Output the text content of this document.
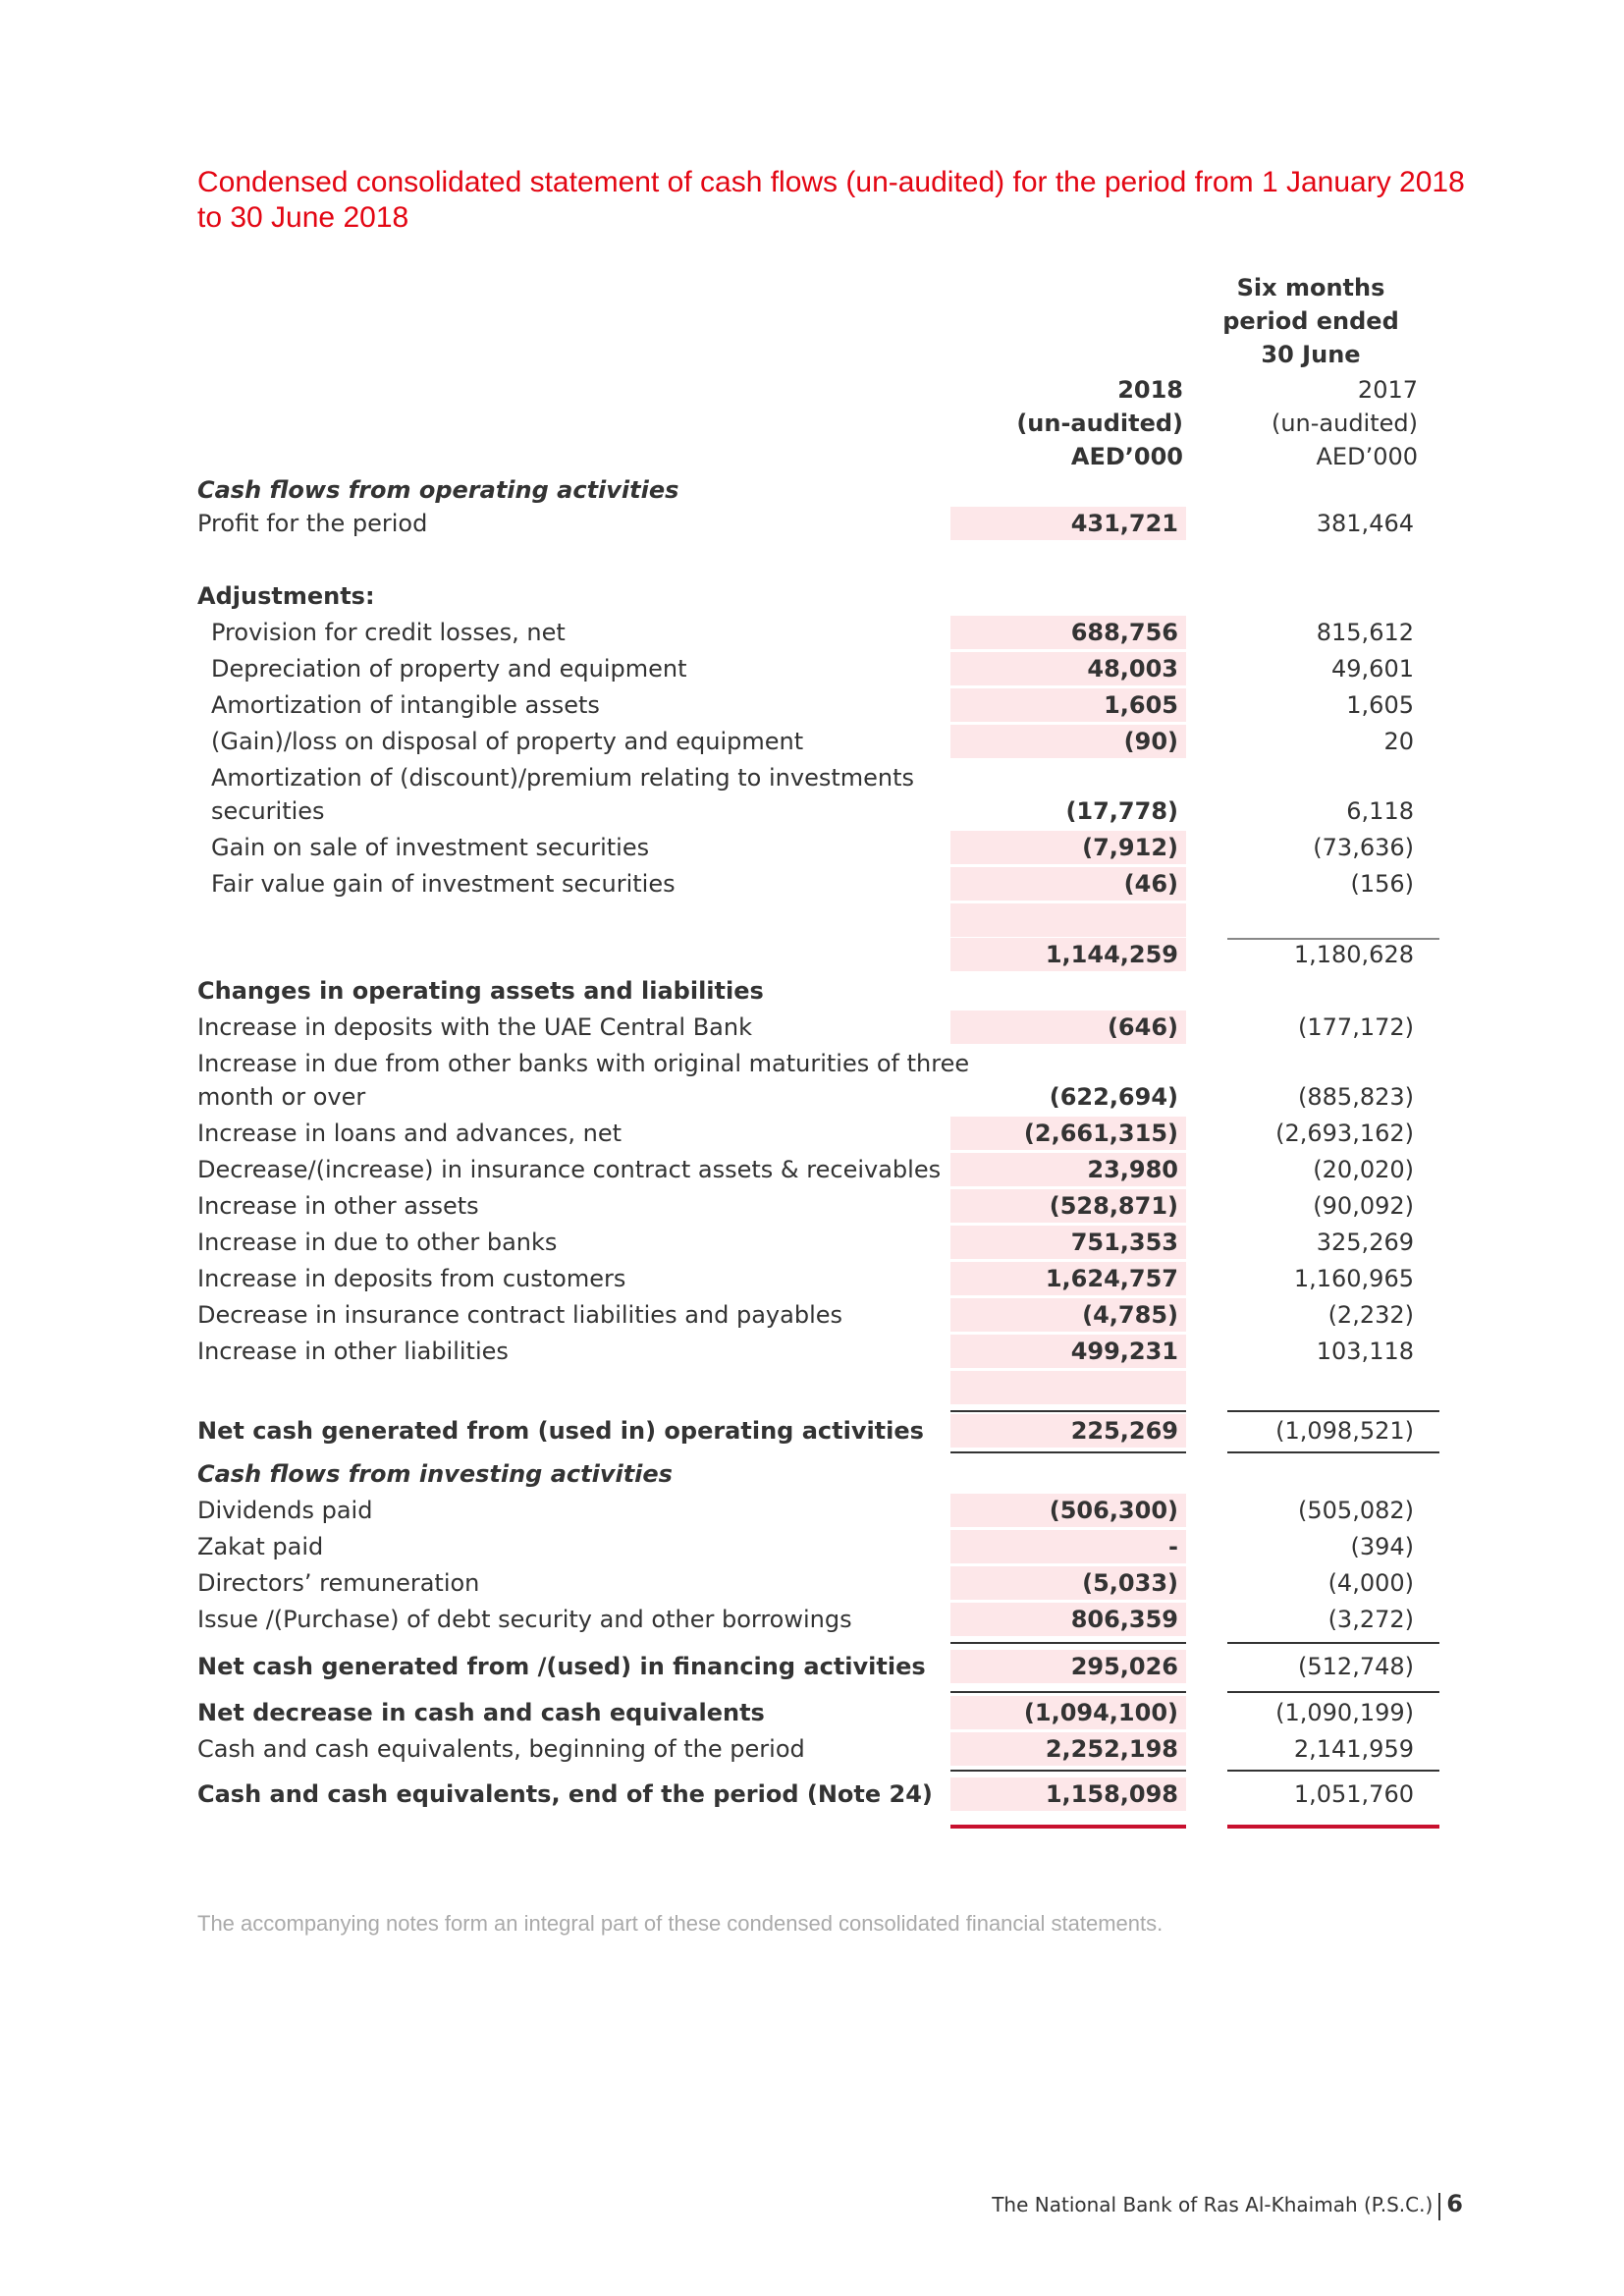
Condensed consolidated statement of cash flows (un-audited) for the period from 1 January 2018 to 30 June 2018
Six months
period ended
30 June
2018
(un-audited)
AED’000
2017
(un-audited)
AED’000
Cash flows from operating activities
Profit for the period	431,721	381,464
Adjustments:
Provision for credit losses, net	688,756	815,612
Depreciation of property and equipment	48,003	49,601
Amortization of intangible assets	1,605	1,605
(Gain)/loss on disposal of property and equipment	(90)	20
Amortization of (discount)/premium relating to investments
securities	(17,778)	6,118
Gain on sale of investment securities	(7,912)	(73,636)
Fair value gain of investment securities	(46)	(156)
1,144,259	1,180,628
Changes in operating assets and liabilities
Increase in deposits with the UAE Central Bank	(646)	(177,172)
Increase in due from other banks with original maturities of three
month or over	(622,694)	(885,823)
Increase in loans and advances, net	(2,661,315)	(2,693,162)
Decrease/(increase) in insurance contract assets & receivables	23,980	(20,020)
Increase in other assets	(528,871)	(90,092)
Increase in due to other banks	751,353	325,269
Increase in deposits from customers	1,624,757	1,160,965
Decrease in insurance contract liabilities and payables	(4,785)	(2,232)
Increase in other liabilities	499,231	103,118
Net cash generated from (used in) operating activities	225,269	(1,098,521)
Cash flows from investing activities
Dividends paid	(506,300)	(505,082)
Zakat paid	-	(394)
Directors’ remuneration	(5,033)	(4,000)
Issue /(Purchase) of debt security and other borrowings	806,359	(3,272)
Net cash generated from /(used) in financing activities	295,026	(512,748)
Net decrease in cash and cash equivalents	(1,094,100)	(1,090,199)
Cash and cash equivalents, beginning of the period	2,252,198	2,141,959
Cash and cash equivalents, end of the period (Note 24)	1,158,098	1,051,760
The accompanying notes form an integral part of these condensed consolidated financial statements.
The National Bank of Ras Al-Khaimah (P.S.C.) 6
